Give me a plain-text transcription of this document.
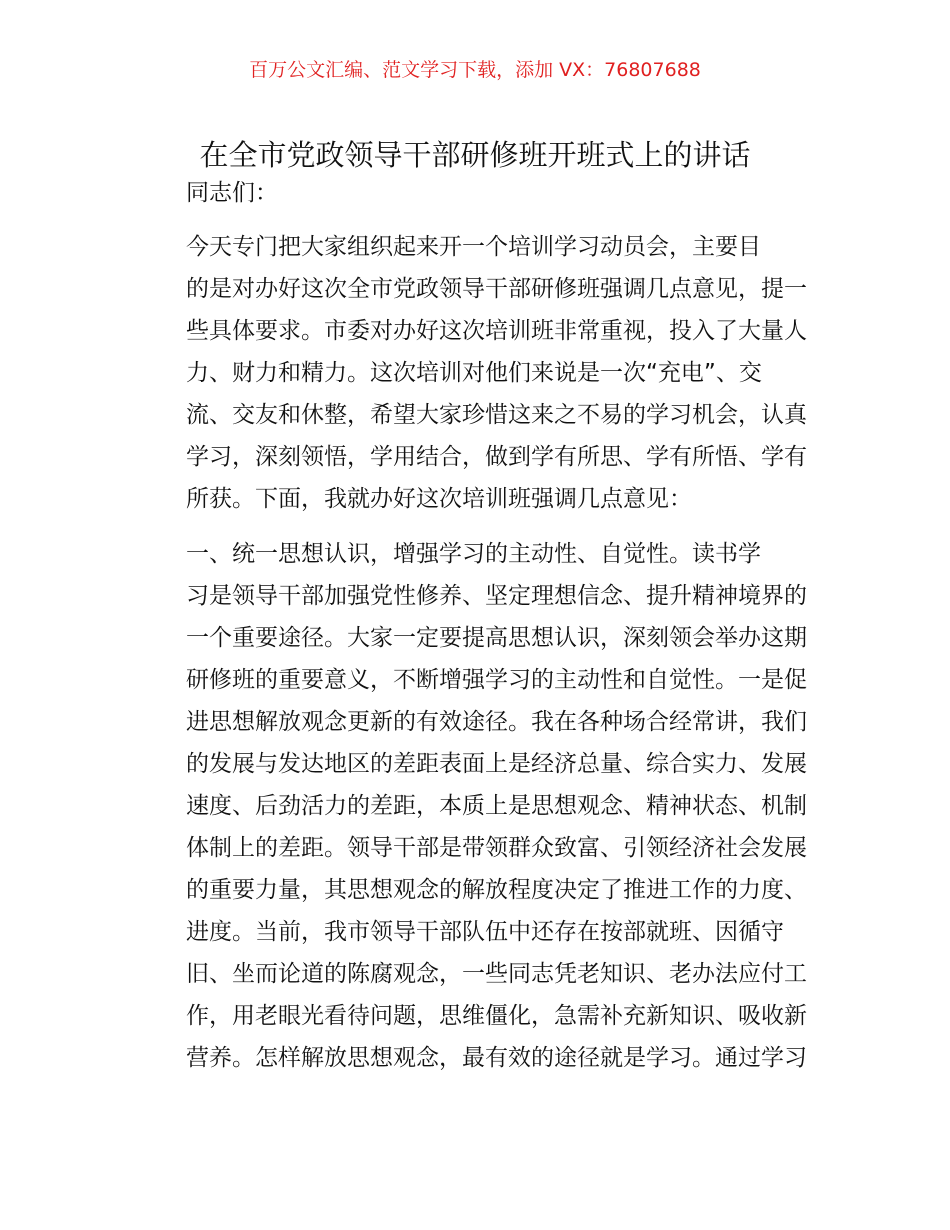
百万公文汇编、范文学习下载，添加 VX：76807688
在全市党政领导干部研修班开班式上的讲话

同志们：

今天专门把大家组织起来开一个培训学习动员会，主要目
的是对办好这次全市党政领导干部研修班强调几点意见，提一
些具体要求。市委对办好这次培训班非常重视，投入了大量人
力、财力和精力。这次培训对他们来说是一次“充电”、交
流、交友和休整，希望大家珍惜这来之不易的学习机会，认真
学习，深刻领悟，学用结合，做到学有所思、学有所悟、学有
所获。下面，我就办好这次培训班强调几点意见：

一、统一思想认识，增强学习的主动性、自觉性。读书学
习是领导干部加强党性修养、坚定理想信念、提升精神境界的
一个重要途径。大家一定要提高思想认识，深刻领会举办这期
研修班的重要意义，不断增强学习的主动性和自觉性。一是促
进思想解放观念更新的有效途径。我在各种场合经常讲，我们
的发展与发达地区的差距表面上是经济总量、综合实力、发展
速度、后劲活力的差距，本质上是思想观念、精神状态、机制
体制上的差距。领导干部是带领群众致富、引领经济社会发展
的重要力量，其思想观念的解放程度决定了推进工作的力度、
进度。当前，我市领导干部队伍中还存在按部就班、因循守
旧、坐而论道的陈腐观念，一些同志凭老知识、老办法应付工
作，用老眼光看待问题，思维僵化，急需补充新知识、吸收新
营养。怎样解放思想观念，最有效的途径就是学习。通过学习
